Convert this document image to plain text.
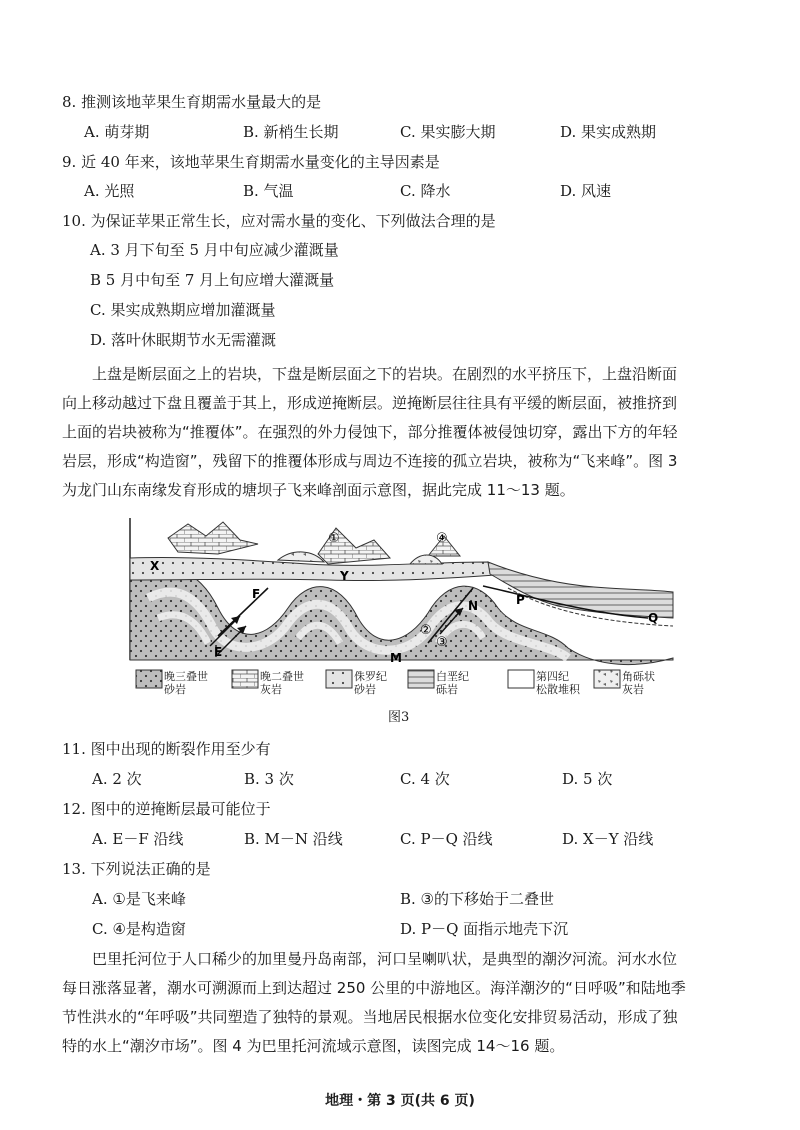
8. 推测该地苹果生育期需水量最大的是
A. 萌芽期	B. 新梢生长期	C. 果实膨大期	D. 果实成熟期
9. 近 40 年来，该地苹果生育期需水量变化的主导因素是
A. 光照	B. 气温	C. 降水	D. 风速
10. 为保证苹果正常生长，应对需水量的变化、下列做法合理的是
A. 3 月下旬至 5 月中旬应减少灌溉量
B 5 月中旬至 7 月上旬应增大灌溉量
C. 果实成熟期应增加灌溉量
D. 落叶休眠期节水无需灌溉
上盘是断层面之上的岩块，下盘是断层面之下的岩块。在剧烈的水平挤压下，上盘沿断面
向上移动越过下盘且覆盖于其上，形成逆掩断层。逆掩断层往往具有平缓的断层面，被推挤到
上面的岩块被称为“推覆体”。在强烈的外力侵蚀下，部分推覆体被侵蚀切穿，露出下方的年轻
岩层，形成“构造窗”，残留下的推覆体形成与周边不连接的孤立岩块，被称为“飞来峰”。图 3
为龙门山东南缘发育形成的塘坝子飞来峰剖面示意图，据此完成 11～13 题。
X
Y
F
E
N
M
P
Q
①
②
③
④
晚三叠世
砂岩
晚二叠世
灰岩
侏罗纪
砂岩
白垩纪
砾岩
第四纪
松散堆积
角砾状
灰岩
图3
11. 图中出现的断裂作用至少有
A. 2 次	B. 3 次	C. 4 次	D. 5 次
12. 图中的逆掩断层最可能位于
A. E－F 沿线	B. M－N 沿线	C. P－Q 沿线	D. X－Y 沿线
13. 下列说法正确的是
A. ①是飞来峰	B. ③的下移始于二叠世
C. ④是构造窗	D. P－Q 面指示地壳下沉
巴里托河位于人口稀少的加里曼丹岛南部，河口呈喇叭状，是典型的潮汐河流。河水水位
每日涨落显著，潮水可溯源而上到达超过 250 公里的中游地区。海洋潮汐的“日呼吸”和陆地季
节性洪水的“年呼吸”共同塑造了独特的景观。当地居民根据水位变化安排贸易活动，形成了独
特的水上“潮汐市场”。图 4 为巴里托河流域示意图，读图完成 14～16 题。
地理・第 3 页(共 6 页)
